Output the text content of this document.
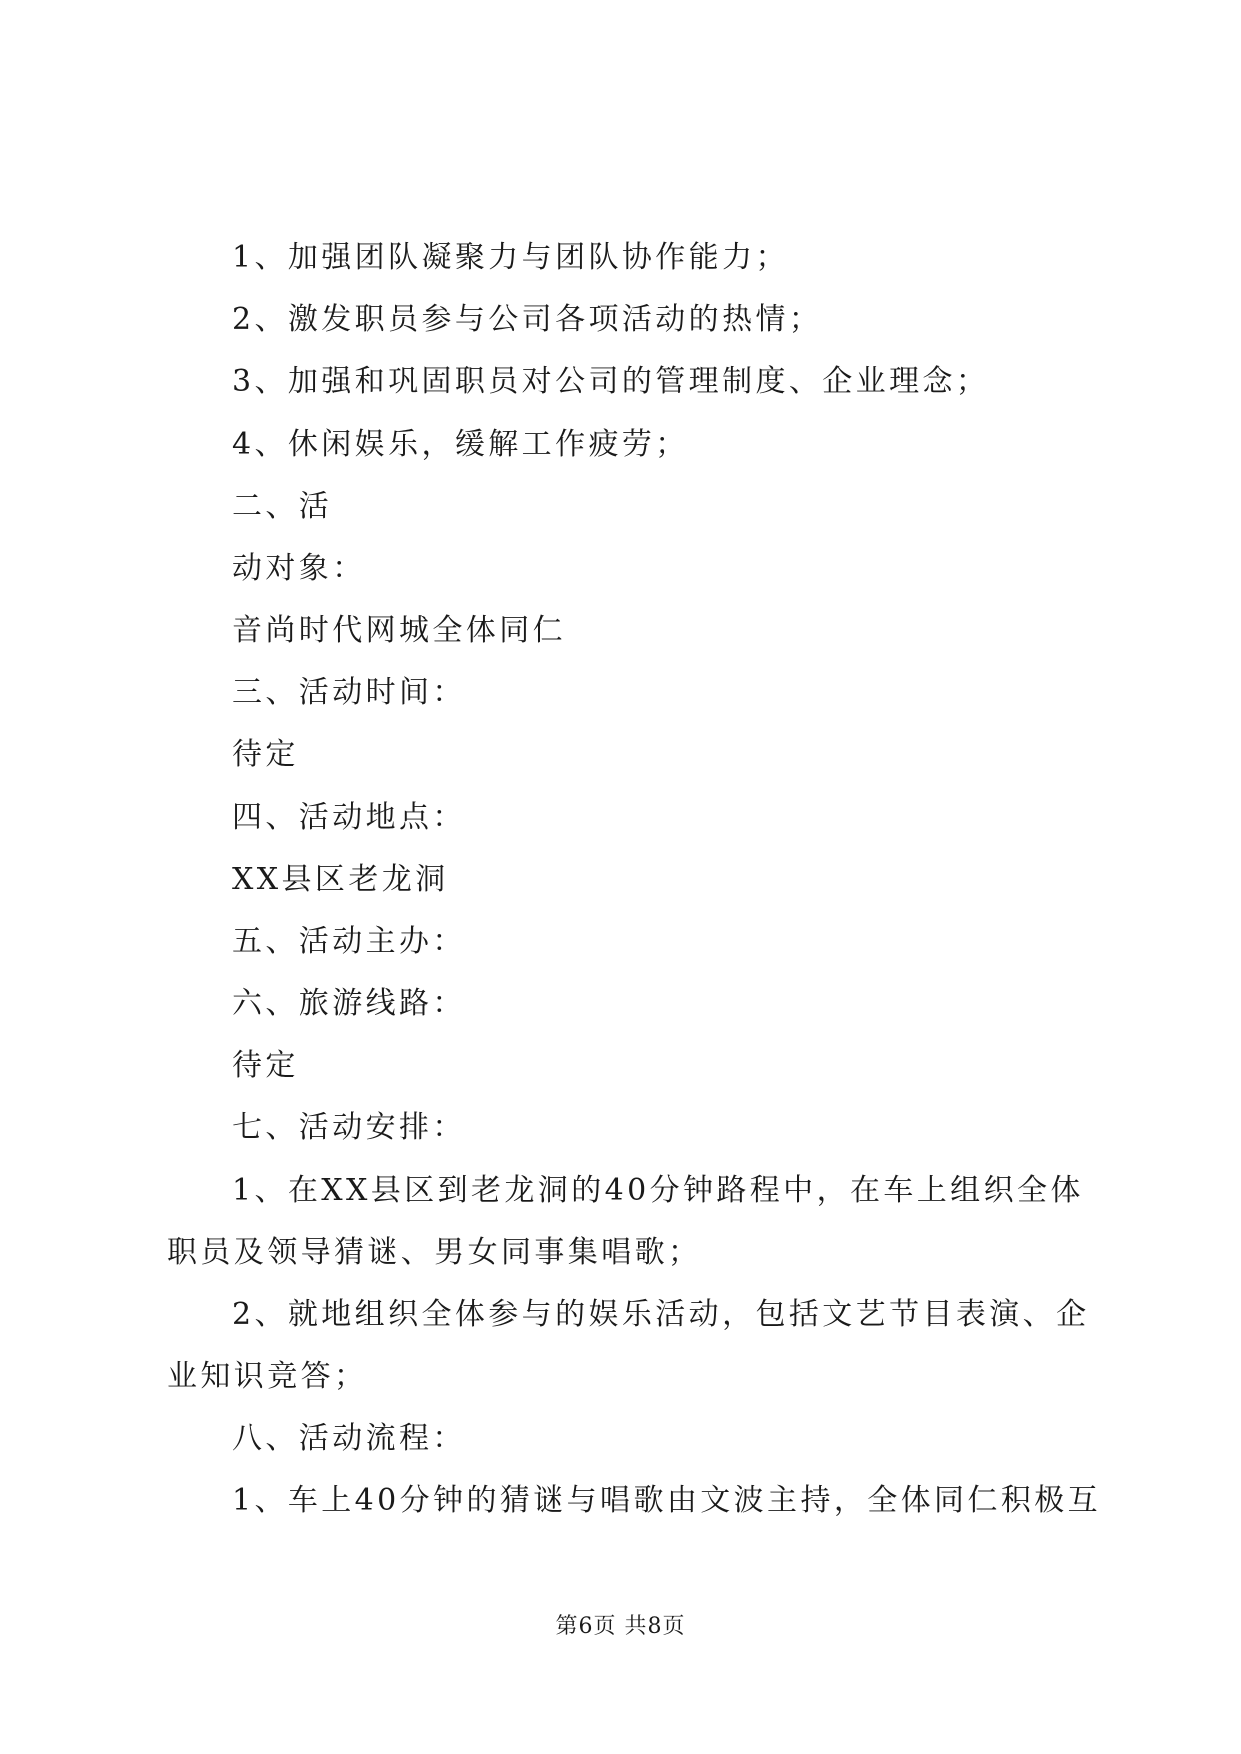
1、加强团队凝聚力与团队协作能力；
2、激发职员参与公司各项活动的热情；
3、加强和巩固职员对公司的管理制度、企业理念；
4、休闲娱乐，缓解工作疲劳；
二、活
动对象：
音尚时代网城全体同仁
三、活动时间：
待定
四、活动地点：
XX县区老龙洞
五、活动主办：
六、旅游线路：
待定
七、活动安排：
1、在XX县区到老龙洞的40分钟路程中，在车上组织全体
职员及领导猜谜、男女同事集唱歌；
2、就地组织全体参与的娱乐活动，包括文艺节目表演、企
业知识竞答；
八、活动流程：
1、车上40分钟的猜谜与唱歌由文波主持，全体同仁积极互
第6页 共8页
